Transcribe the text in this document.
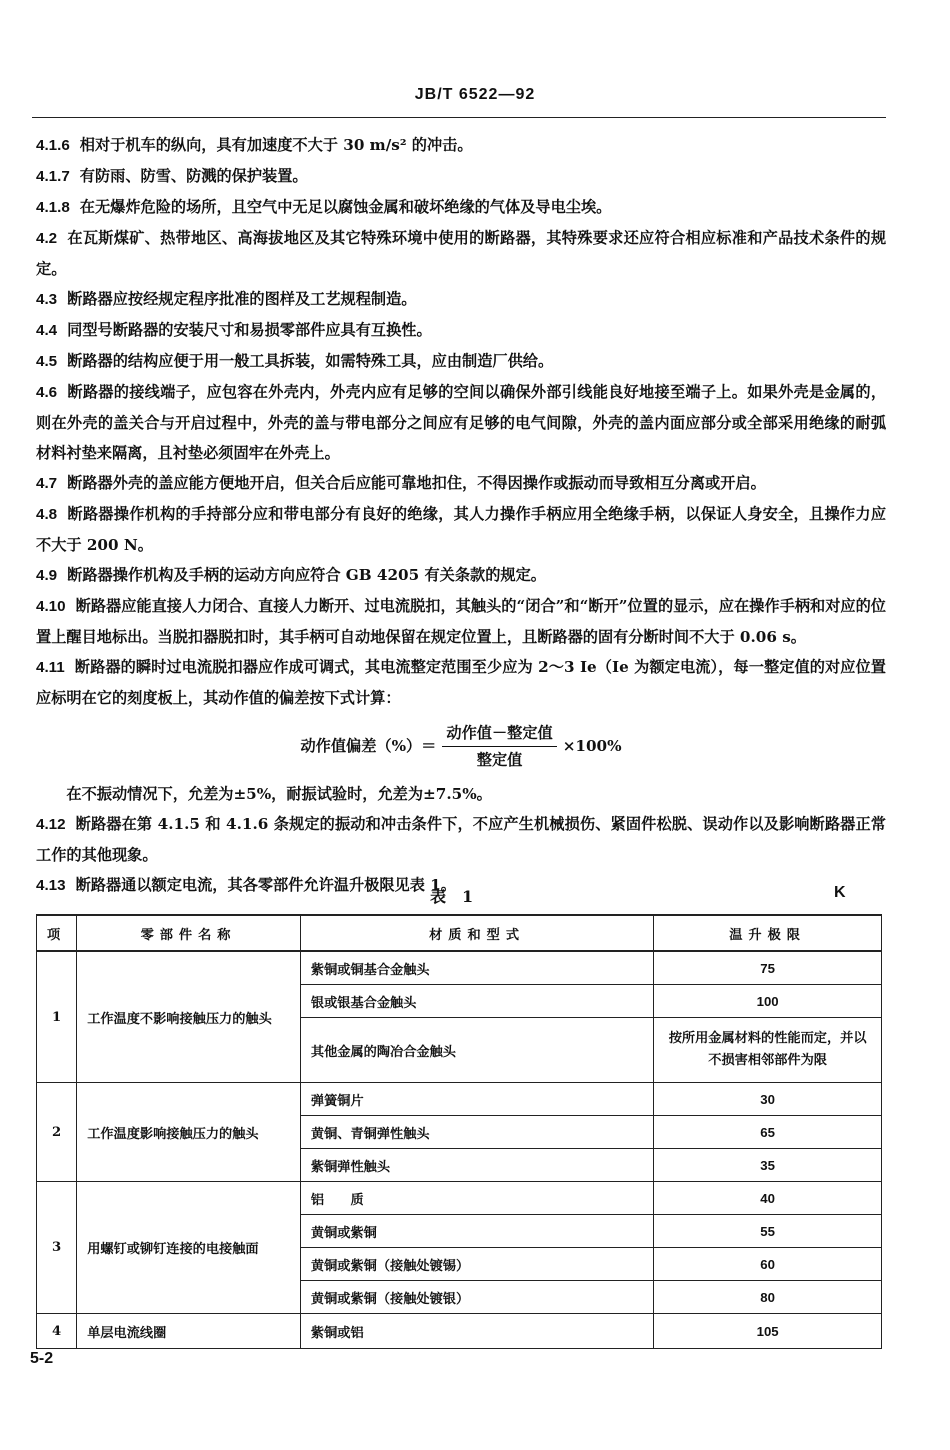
JB/T 6522—92

4.1.6 相对于机车的纵向，具有加速度不大于 30 m/s² 的冲击。

4.1.7 有防雨、防雪、防溅的保护装置。

4.1.8 在无爆炸危险的场所，且空气中无足以腐蚀金属和破坏绝缘的气体及导电尘埃。

4.2 在瓦斯煤矿、热带地区、高海拔地区及其它特殊环境中使用的断路器，其特殊要求还应符合相应标准和产品技术条件的规定。

4.3 断路器应按经规定程序批准的图样及工艺规程制造。

4.4 同型号断路器的安装尺寸和易损零部件应具有互换性。

4.5 断路器的结构应便于用一般工具拆装，如需特殊工具，应由制造厂供给。

4.6 断路器的接线端子，应包容在外壳内，外壳内应有足够的空间以确保外部引线能良好地接至端子上。如果外壳是金属的，则在外壳的盖关合与开启过程中，外壳的盖与带电部分之间应有足够的电气间隙，外壳的盖内面应部分或全部采用绝缘的耐弧材料衬垫来隔离，且衬垫必须固牢在外壳上。

4.7 断路器外壳的盖应能方便地开启，但关合后应能可靠地扣住，不得因操作或振动而导致相互分离或开启。

4.8 断路器操作机构的手持部分应和带电部分有良好的绝缘，其人力操作手柄应用全绝缘手柄，以保证人身安全，且操作力应不大于 200 N。

4.9 断路器操作机构及手柄的运动方向应符合 GB 4205 有关条款的规定。

4.10 断路器应能直接人力闭合、直接人力断开、过电流脱扣，其触头的“闭合”和“断开”位置的显示，应在操作手柄和对应的位置上醒目地标出。当脱扣器脱扣时，其手柄可自动地保留在规定位置上，且断路器的固有分断时间不大于 0.06 s。

4.11 断路器的瞬时过电流脱扣器应作成可调式，其电流整定范围至少应为 2～3 Ie（Ie 为额定电流），每一整定值的对应位置应标明在它的刻度板上，其动作值的偏差按下式计算：

动作值偏差（%）＝ $\frac{\text{动作值－整定值}}{\text{整定值}} \times 100\%$

在不振动情况下，允差为±5%，耐振试验时，允差为±7.5%。

4.12 断路器在第 4.1.5 和 4.1.6 条规定的振动和冲击条件下，不应产生机械损伤、紧固件松脱、误动作以及影响断路器正常工作的其他现象。

4.13 断路器通以额定电流，其各零部件允许温升极限见表 1。

表　1	K
项	零部件名称	材质和型式	温升极限
1	工作温度不影响接触压力的触头	紫铜或铜基合金触头	75
		银或银基合金触头	100
		其他金属的陶冶合金触头	按所用金属材料的性能而定，并以不损害相邻部件为限
2	工作温度影响接触压力的触头	弹簧铜片	30
		黄铜、青铜弹性触头	65
		紫铜弹性触头	35
3	用螺钉或铆钉连接的电接触面	铝　　质	40
		黄铜或紫铜	55
		黄铜或紫铜（接触处镀锡）	60
		黄铜或紫铜（接触处镀银）	80
4	单层电流线圈	紫铜或铝	105
5-2
